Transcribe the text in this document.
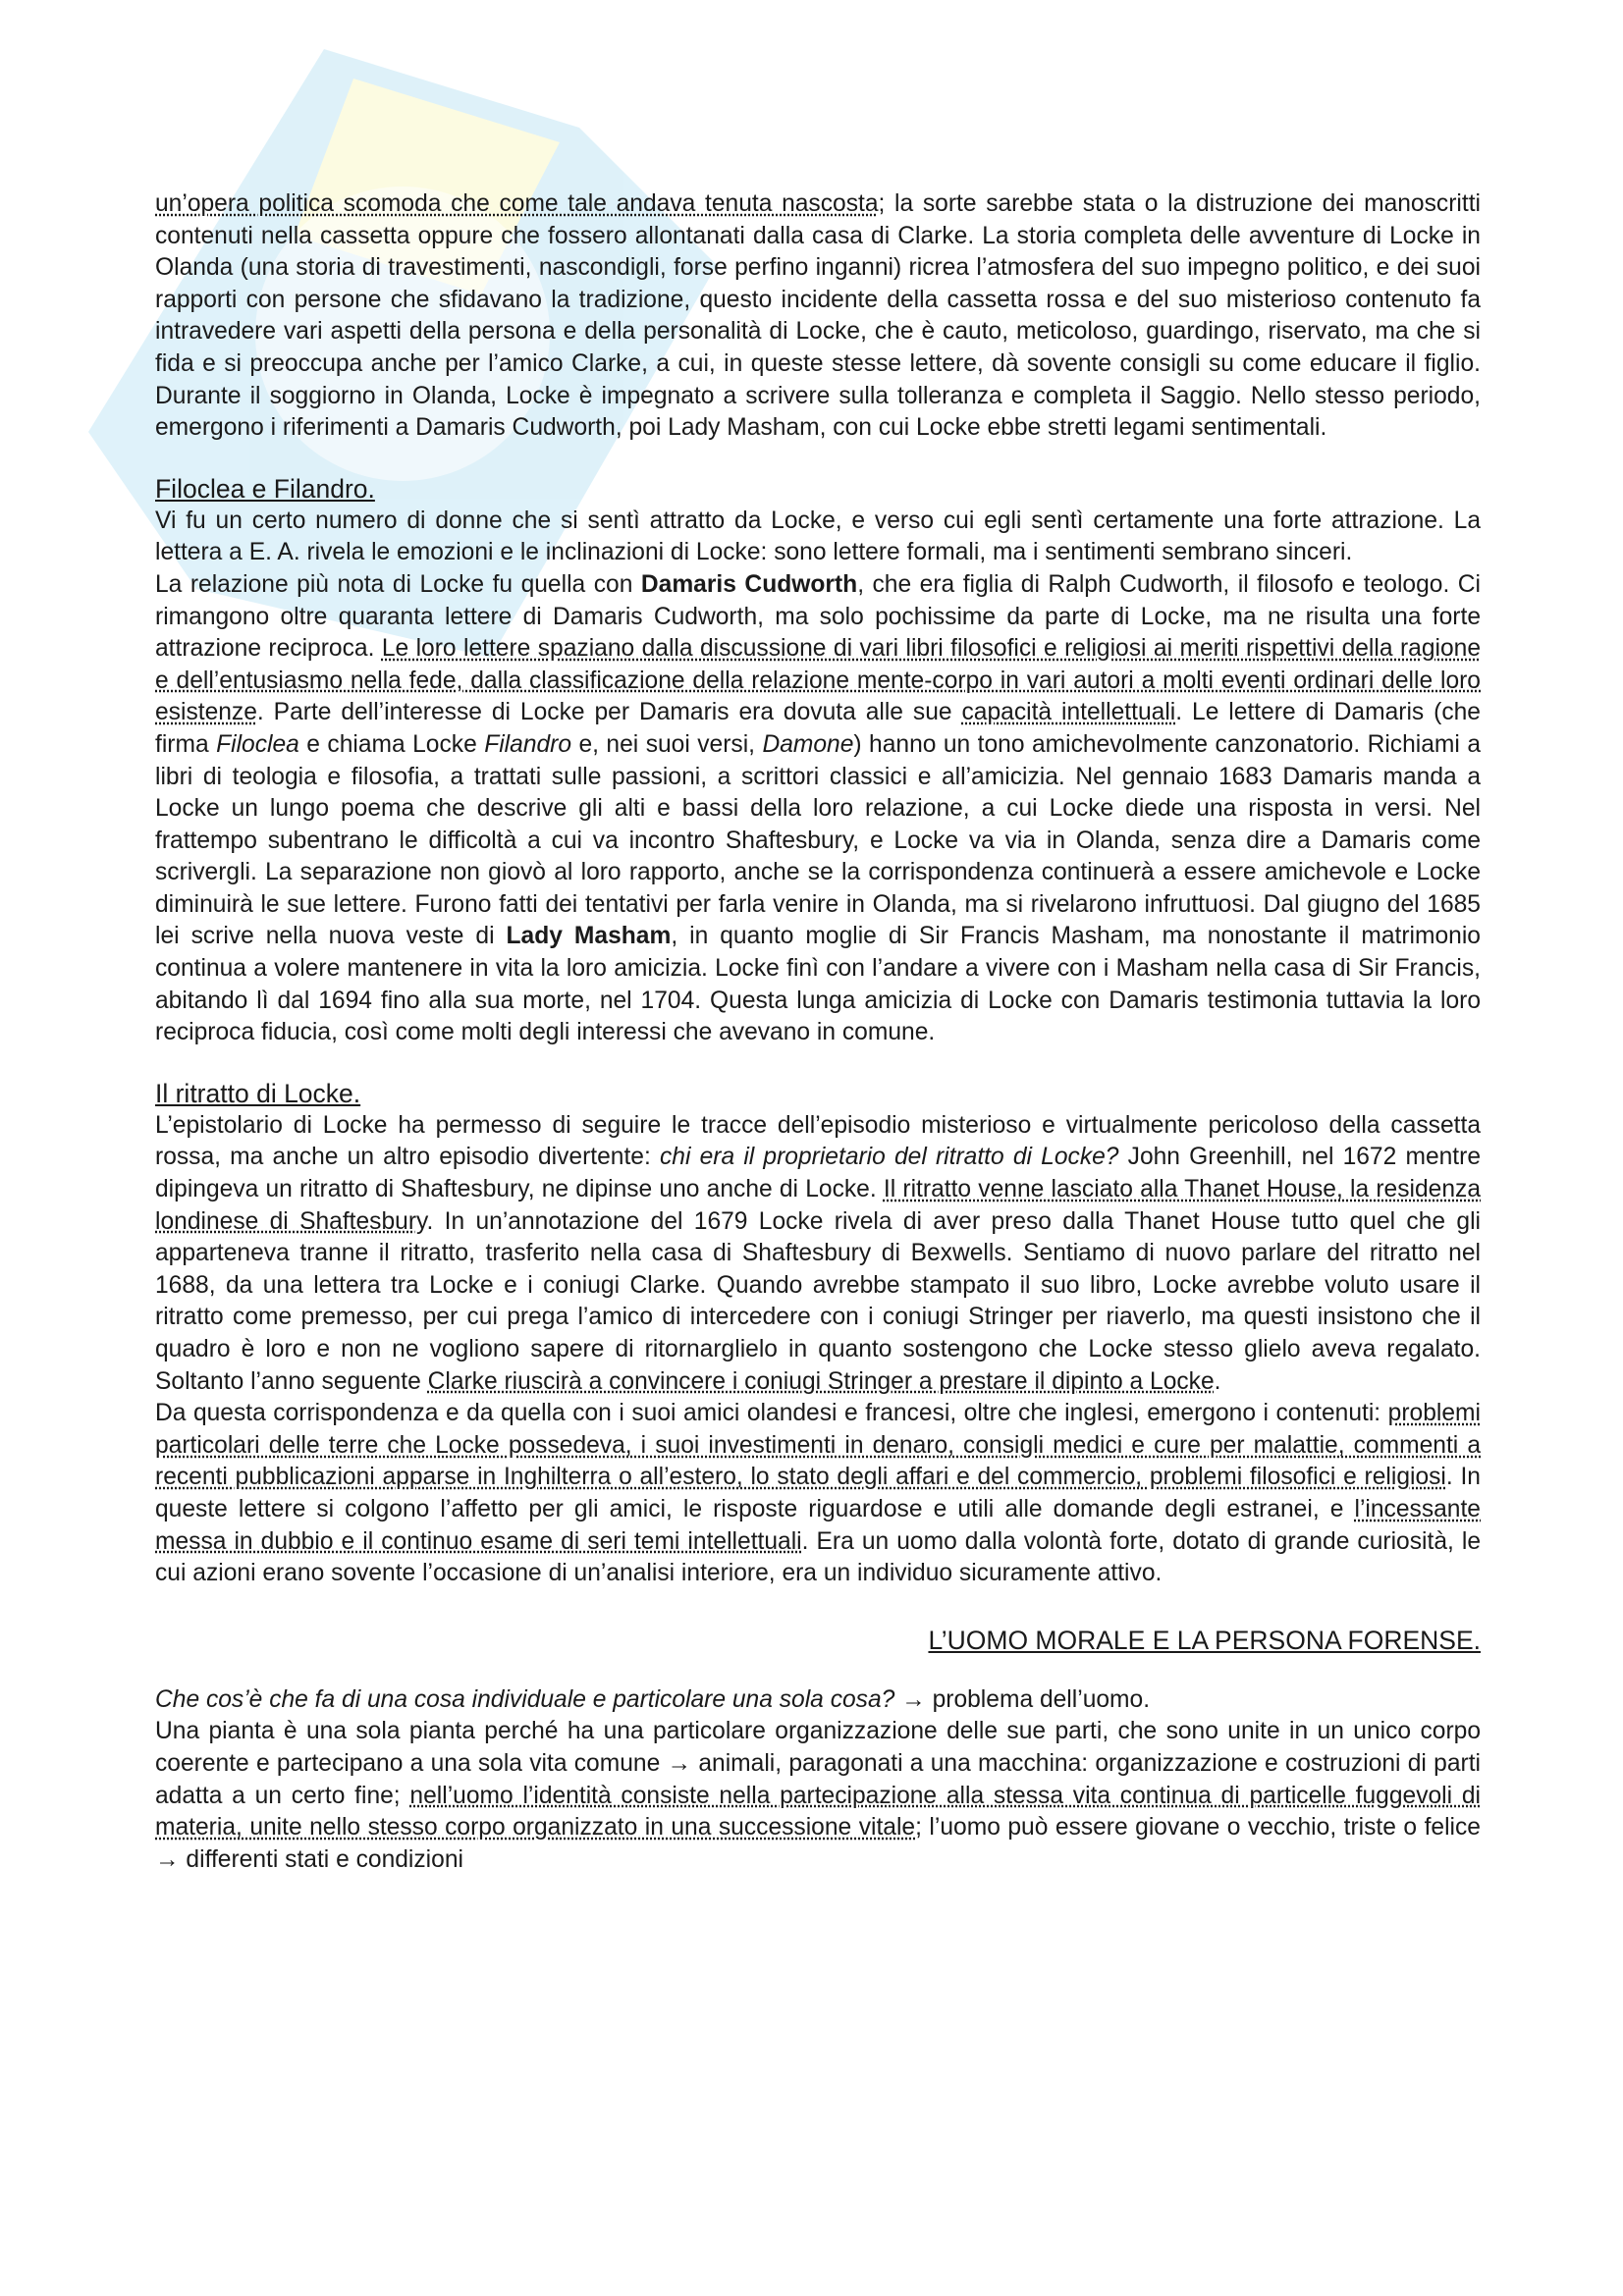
un’opera politica scomoda che come tale andava tenuta nascosta; la sorte sarebbe stata o la distruzione dei manoscritti contenuti nella cassetta oppure che fossero allontanati dalla casa di Clarke. La storia completa delle avventure di Locke in Olanda (una storia di travestimenti, nascondigli, forse perfino inganni) ricrea l’atmosfera del suo impegno politico, e dei suoi rapporti con persone che sfidavano la tradizione, questo incidente della cassetta rossa e del suo misterioso contenuto fa intravedere vari aspetti della persona e della personalità di Locke, che è cauto, meticoloso, guardingo, riservato, ma che si fida e si preoccupa anche per l’amico Clarke, a cui, in queste stesse lettere, dà sovente consigli su come educare il figlio. Durante il soggiorno in Olanda, Locke è impegnato a scrivere sulla tolleranza e completa il Saggio. Nello stesso periodo, emergono i riferimenti a Damaris Cudworth, poi Lady Masham, con cui Locke ebbe stretti legami sentimentali.

Filoclea e Filandro.

Vi fu un certo numero di donne che si sentì attratto da Locke, e verso cui egli sentì certamente una forte attrazione. La lettera a E. A. rivela le emozioni e le inclinazioni di Locke: sono lettere formali, ma i sentimenti sembrano sinceri.

La relazione più nota di Locke fu quella con Damaris Cudworth, che era figlia di Ralph Cudworth, il filosofo e teologo. Ci rimangono oltre quaranta lettere di Damaris Cudworth, ma solo pochissime da parte di Locke, ma ne risulta una forte attrazione reciproca. Le loro lettere spaziano dalla discussione di vari libri filosofici e religiosi ai meriti rispettivi della ragione e dell’entusiasmo nella fede, dalla classificazione della relazione mente-corpo in vari autori a molti eventi ordinari delle loro esistenze. Parte dell’interesse di Locke per Damaris era dovuta alle sue capacità intellettuali. Le lettere di Damaris (che firma Filoclea e chiama Locke Filandro e, nei suoi versi, Damone) hanno un tono amichevolmente canzonatorio. Richiami a libri di teologia e filosofia, a trattati sulle passioni, a scrittori classici e all’amicizia. Nel gennaio 1683 Damaris manda a Locke un lungo poema che descrive gli alti e bassi della loro relazione, a cui Locke diede una risposta in versi. Nel frattempo subentrano le difficoltà a cui va incontro Shaftesbury, e Locke va via in Olanda, senza dire a Damaris come scrivergli. La separazione non giovò al loro rapporto, anche se la corrispondenza continuerà a essere amichevole e Locke diminuirà le sue lettere. Furono fatti dei tentativi per farla venire in Olanda, ma si rivelarono infruttuosi. Dal giugno del 1685 lei scrive nella nuova veste di Lady Masham, in quanto moglie di Sir Francis Masham, ma nonostante il matrimonio continua a volere mantenere in vita la loro amicizia. Locke finì con l’andare a vivere con i Masham nella casa di Sir Francis, abitando lì dal 1694 fino alla sua morte, nel 1704. Questa lunga amicizia di Locke con Damaris testimonia tuttavia la loro reciproca fiducia, così come molti degli interessi che avevano in comune.

Il ritratto di Locke.

L’epistolario di Locke ha permesso di seguire le tracce dell’episodio misterioso e virtualmente pericoloso della cassetta rossa, ma anche un altro episodio divertente: chi era il proprietario del ritratto di Locke? John Greenhill, nel 1672 mentre dipingeva un ritratto di Shaftesbury, ne dipinse uno anche di Locke. Il ritratto venne lasciato alla Thanet House, la residenza londinese di Shaftesbury. In un’annotazione del 1679 Locke rivela di aver preso dalla Thanet House tutto quel che gli apparteneva tranne il ritratto, trasferito nella casa di Shaftesbury di Bexwells. Sentiamo di nuovo parlare del ritratto nel 1688, da una lettera tra Locke e i coniugi Clarke. Quando avrebbe stampato il suo libro, Locke avrebbe voluto usare il ritratto come premesso, per cui prega l’amico di intercedere con i coniugi Stringer per riaverlo, ma questi insistono che il quadro è loro e non ne vogliono sapere di ritornarglielo in quanto sostengono che Locke stesso glielo aveva regalato. Soltanto l’anno seguente Clarke riuscirà a convincere i coniugi Stringer a prestare il dipinto a Locke.

Da questa corrispondenza e da quella con i suoi amici olandesi e francesi, oltre che inglesi, emergono i contenuti: problemi particolari delle terre che Locke possedeva, i suoi investimenti in denaro, consigli medici e cure per malattie, commenti a recenti pubblicazioni apparse in Inghilterra o all’estero, lo stato degli affari e del commercio, problemi filosofici e religiosi. In queste lettere si colgono l’affetto per gli amici, le risposte riguardose e utili alle domande degli estranei, e l’incessante messa in dubbio e il continuo esame di seri temi intellettuali. Era un uomo dalla volontà forte, dotato di grande curiosità, le cui azioni erano sovente l’occasione di un’analisi interiore, era un individuo sicuramente attivo.

L’UOMO MORALE E LA PERSONA FORENSE.

Che cos’è che fa di una cosa individuale e particolare una sola cosa? → problema dell’uomo.

Una pianta è una sola pianta perché ha una particolare organizzazione delle sue parti, che sono unite in un unico corpo coerente e partecipano a una sola vita comune → animali, paragonati a una macchina: organizzazione e costruzioni di parti adatta a un certo fine; nell’uomo l’identità consiste nella partecipazione alla stessa vita continua di particelle fuggevoli di materia, unite nello stesso corpo organizzato in una successione vitale; l’uomo può essere giovane o vecchio, triste o felice → differenti stati e condizioni
